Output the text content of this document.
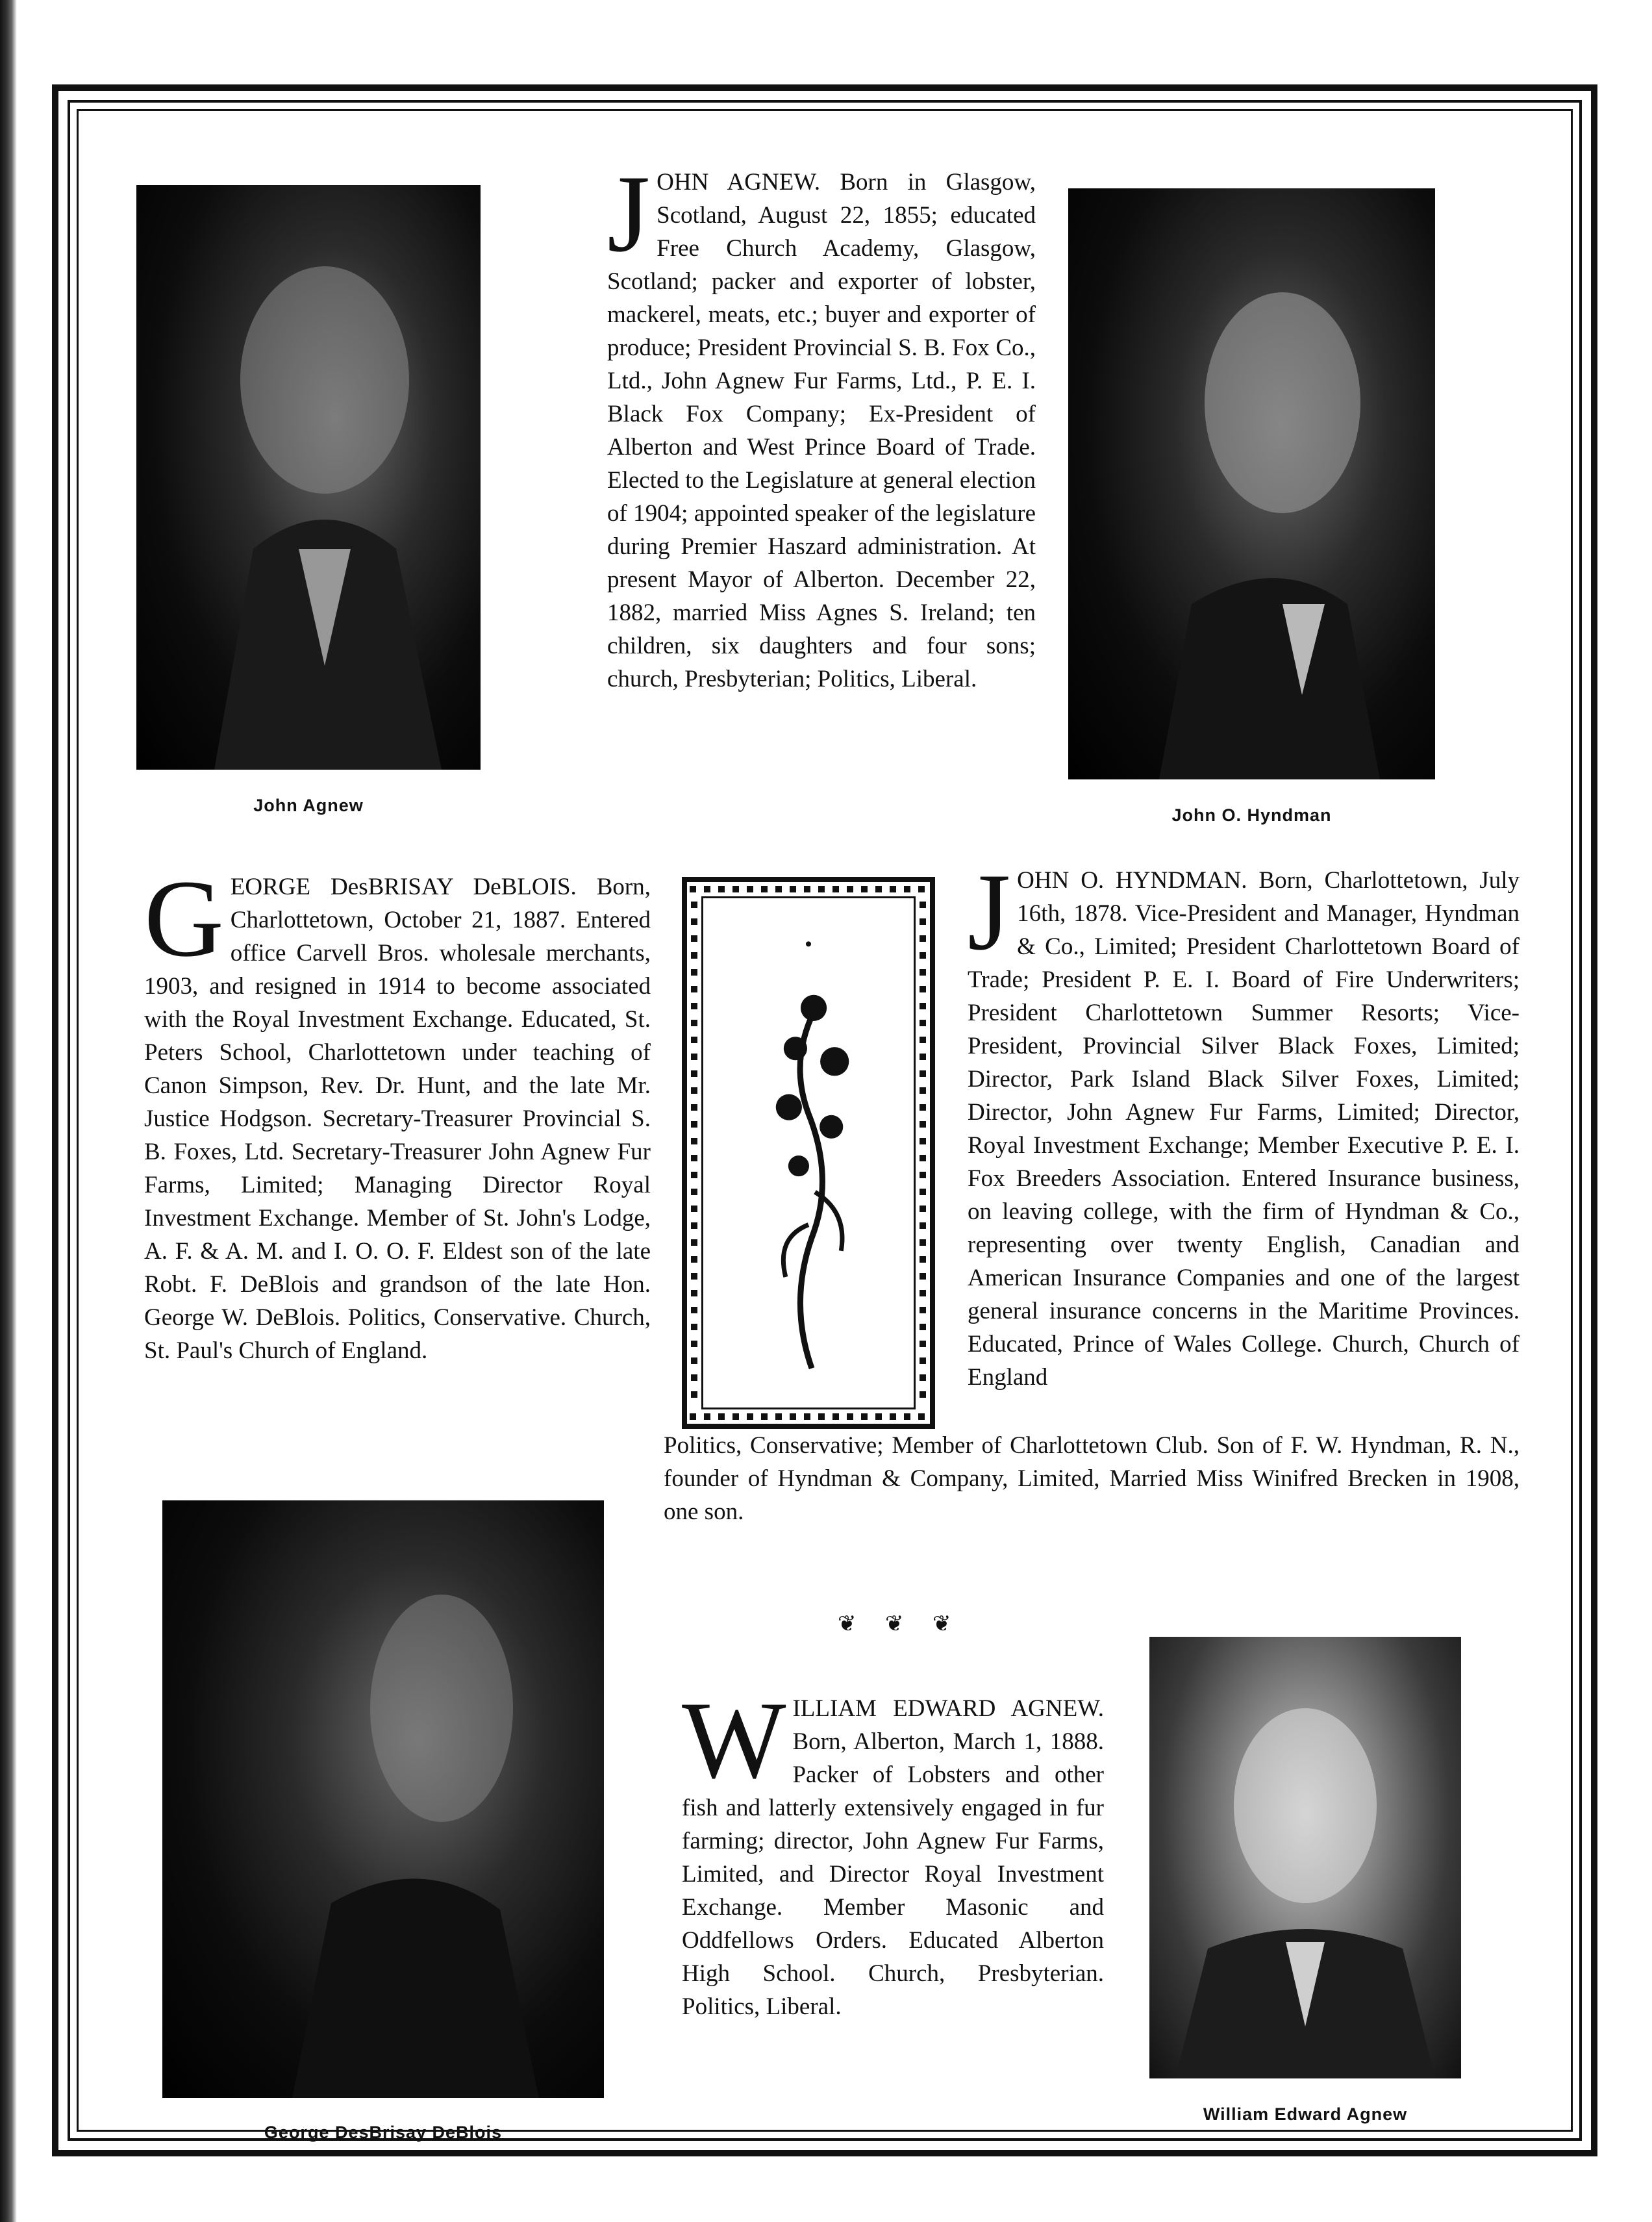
John Agnew

JOHN AGNEW. Born in Glasgow, Scotland, August 22, 1855; educated Free Church Academy, Glasgow, Scotland; packer and exporter of lobster, mackerel, meats, etc.; buyer and exporter of produce; President Provincial S. B. Fox Co., Ltd., John Agnew Fur Farms, Ltd., P. E. I. Black Fox Company; Ex-President of Alberton and West Prince Board of Trade. Elected to the Legislature at general election of 1904; appointed speaker of the legislature during Premier Haszard administration. At present Mayor of Alberton. December 22, 1882, married Miss Agnes S. Ireland; ten children, six daughters and four sons; church, Presbyterian; Politics, Liberal.

John O. Hyndman

GEORGE DesBRISAY DeBLOIS. Born, Charlottetown, October 21, 1887. Entered office Carvell Bros. wholesale merchants, 1903, and resigned in 1914 to become associated with the Royal Investment Exchange. Educated, St. Peters School, Charlottetown under teaching of Canon Simpson, Rev. Dr. Hunt, and the late Mr. Justice Hodgson. Secretary-Treasurer Provincial S. B. Foxes, Ltd. Secretary-Treasurer John Agnew Fur Farms, Limited; Managing Director Royal Investment Exchange. Member of St. John's Lodge, A. F. & A. M. and I. O. O. F. Eldest son of the late Robt. F. DeBlois and grandson of the late Hon. George W. DeBlois. Politics, Conservative. Church, St. Paul's Church of England.

JOHN O. HYNDMAN. Born, Charlottetown, July 16th, 1878. Vice-President and Manager, Hyndman & Co., Limited; President Charlottetown Board of Trade; President P. E. I. Board of Fire Underwriters; President Charlottetown Summer Resorts; Vice-President, Provincial Silver Black Foxes, Limited; Director, Park Island Black Silver Foxes, Limited; Director, John Agnew Fur Farms, Limited; Director, Royal Investment Exchange; Member Executive P. E. I. Fox Breeders Association. Entered Insurance business, on leaving college, with the firm of Hyndman & Co., representing over twenty English, Canadian and American Insurance Companies and one of the largest general insurance concerns in the Maritime Provinces. Educated, Prince of Wales College. Church, Church of England

Politics, Conservative; Member of Charlottetown Club. Son of F. W. Hyndman, R. N., founder of Hyndman & Company, Limited, Married Miss Winifred Brecken in 1908, one son.

George DesBrisay DeBlois
❦ ❦ ❦

WILLIAM EDWARD AGNEW. Born, Alberton, March 1, 1888. Packer of Lobsters and other fish and latterly extensively engaged in fur farming; director, John Agnew Fur Farms, Limited, and Director Royal Investment Exchange. Member Masonic and Oddfellows Orders. Educated Alberton High School. Church, Presbyterian. Politics, Liberal.

William Edward Agnew
